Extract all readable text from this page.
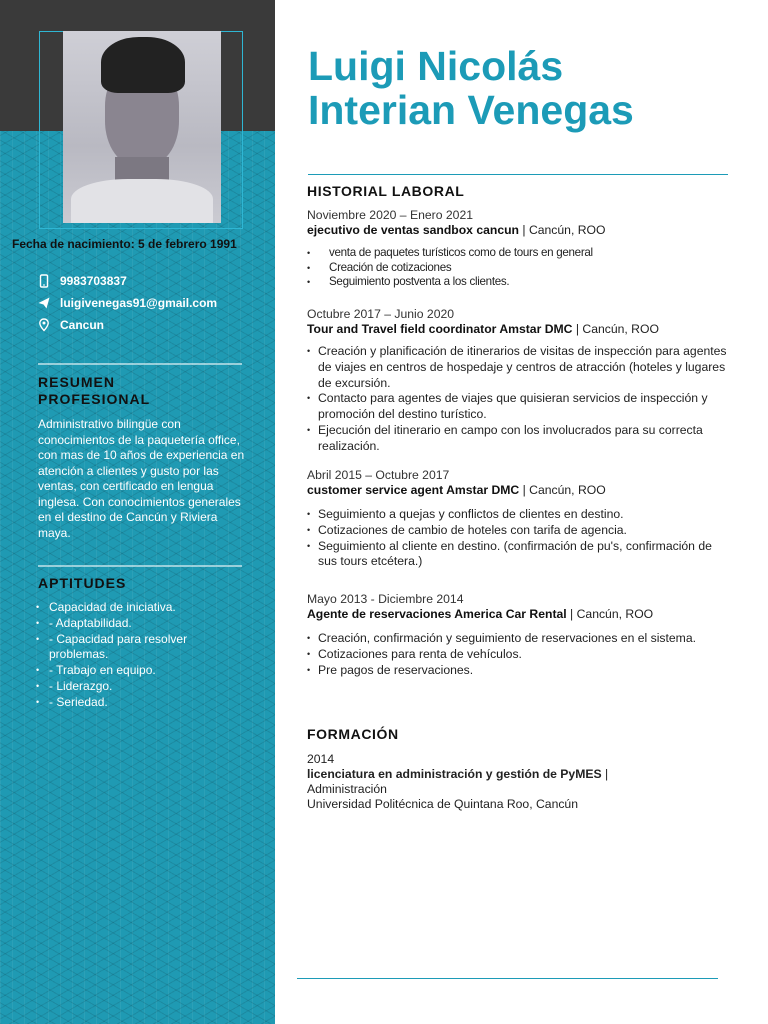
Fecha de nacimiento: 5 de febrero 1991
9983703837
luigivenegas91@gmail.com
Cancun
RESUMEN PROFESIONAL
Administrativo bilingüe con conocimientos de la paquetería office, con mas de 10 años de experiencia en atención a clientes y gusto por las ventas, con certificado en lengua inglesa. Con conocimientos generales en el destino de Cancún y Riviera maya.
APTITUDES
• Capacidad de iniciativa.
• - Adaptabilidad.
• - Capacidad para resolver problemas.
• - Trabajo en equipo.
• - Liderazgo.
• - Seriedad.
Luigi Nicolás
Interian Venegas
HISTORIAL LABORAL
Noviembre 2020 – Enero 2021
ejecutivo de ventas sandbox cancun | Cancún, ROO
• venta de paquetes turísticos como de tours en general
• Creación de cotizaciones
• Seguimiento postventa a los clientes.
Octubre 2017 – Junio 2020
Tour and Travel field coordinator Amstar DMC | Cancún, ROO
• Creación y planificación de itinerarios de visitas de inspección para agentes de viajes en centros de hospedaje y centros de atracción (hoteles y lugares de excursión.
• Contacto para agentes de viajes que quisieran servicios de inspección y promoción del destino turístico.
• Ejecución del itinerario en campo con los involucrados para su correcta realización.
Abril 2015 – Octubre 2017
customer service agent Amstar DMC | Cancún, ROO
• Seguimiento a quejas y conflictos de clientes en destino.
• Cotizaciones de cambio de hoteles con tarifa de agencia.
• Seguimiento al cliente en destino. (confirmación de pu's, confirmación de sus tours etcétera.)
Mayo 2013 - Diciembre 2014
Agente de reservaciones America Car Rental | Cancún, ROO
• Creación, confirmación y seguimiento de reservaciones en el sistema.
• Cotizaciones para renta de vehículos.
• Pre pagos de reservaciones.
FORMACIÓN
2014
licenciatura en administración y gestión de PyMES |
Administración
Universidad Politécnica de Quintana Roo, Cancún
